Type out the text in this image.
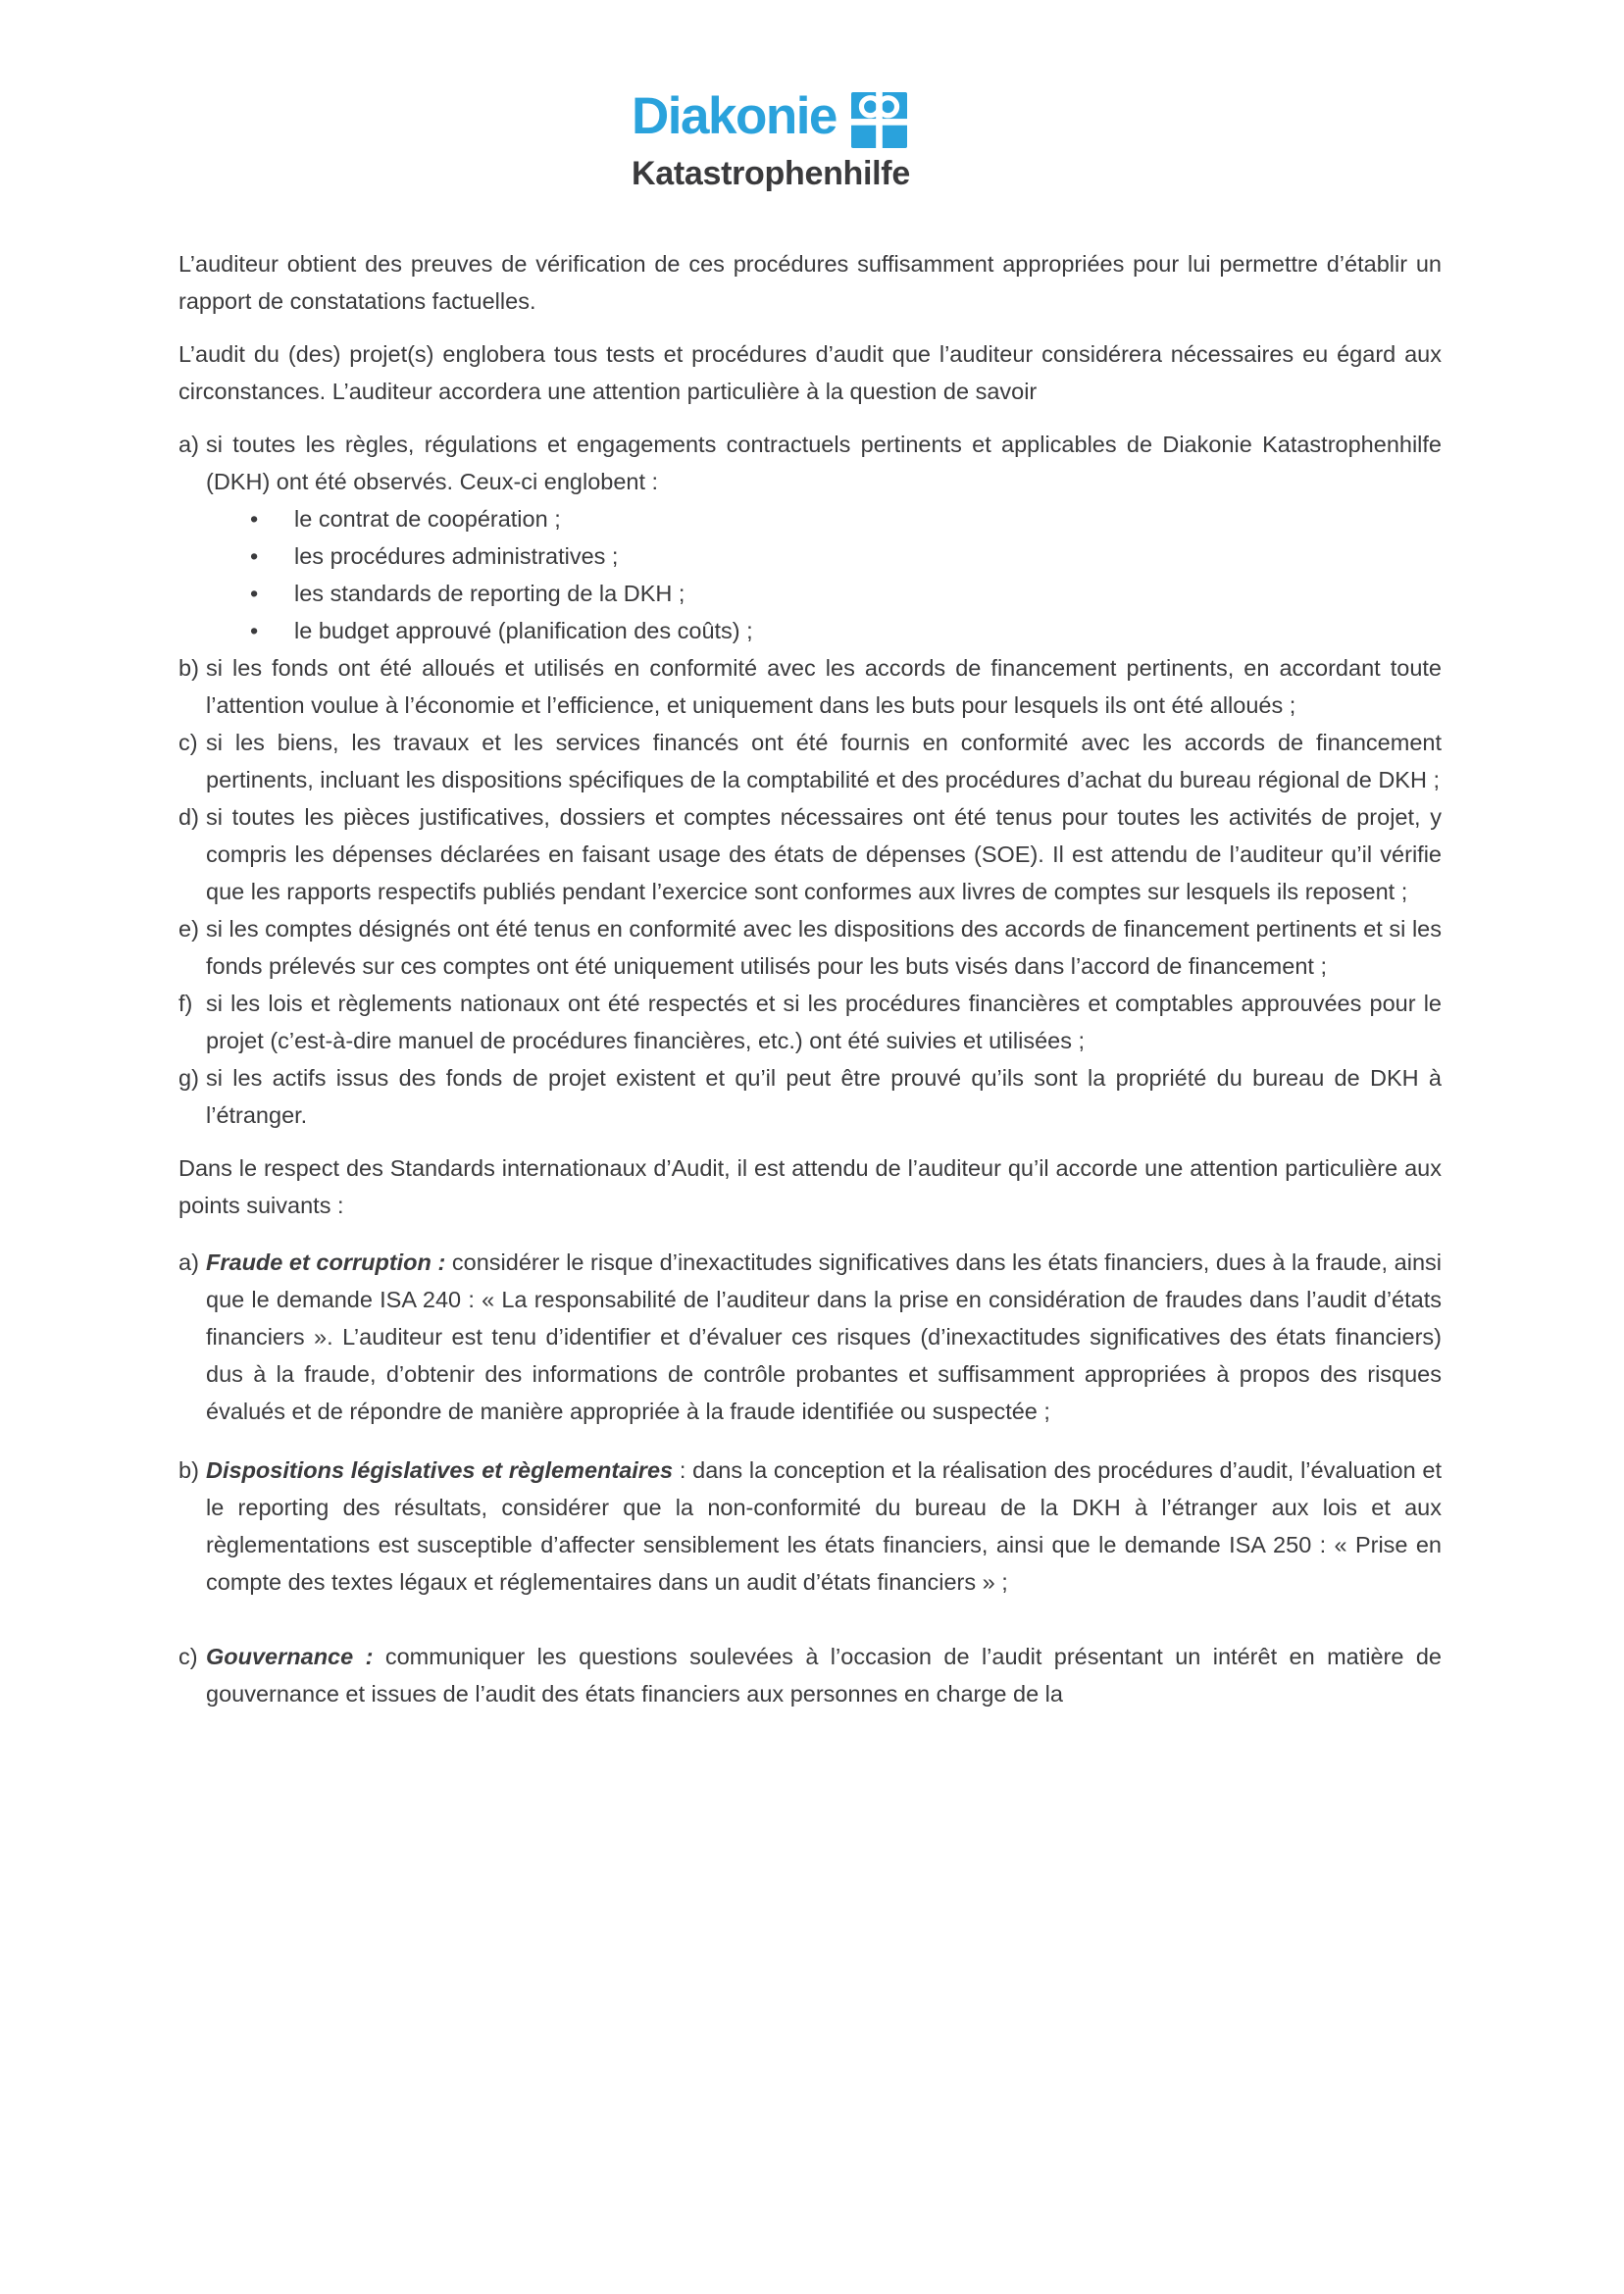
Diakonie
Katastrophenhilfe

L’auditeur obtient des preuves de vérification de ces procédures suffisamment appropriées pour lui permettre d’établir un rapport de constatations factuelles.

L’audit du (des) projet(s) englobera tous tests et procédures d’audit que l’auditeur considérera nécessaires eu égard aux circonstances. L’auditeur accordera une attention particulière à la question de savoir

a) si toutes les règles, régulations et engagements contractuels pertinents et applicables de Diakonie Katastrophenhilfe (DKH) ont été observés. Ceux-ci englobent :
•	le contrat de coopération ;
•	les procédures administratives ;
•	les standards de reporting de la DKH ;
•	le budget approuvé (planification des coûts) ;
b) si les fonds ont été alloués et utilisés en conformité avec les accords de financement pertinents, en accordant toute l’attention voulue à l’économie et l’efficience, et uniquement dans les buts pour lesquels ils ont été alloués ;
c) si les biens, les travaux et les services financés ont été fournis en conformité avec les accords de financement pertinents, incluant les dispositions spécifiques de la comptabilité et des procédures d’achat du bureau régional de DKH ;
d) si toutes les pièces justificatives, dossiers et comptes nécessaires ont été tenus pour toutes les activités de projet, y compris les dépenses déclarées en faisant usage des états de dépenses (SOE). Il est attendu de l’auditeur qu’il vérifie que les rapports respectifs publiés pendant l’exercice sont conformes aux livres de comptes sur lesquels ils reposent ;
e) si les comptes désignés ont été tenus en conformité avec les dispositions des accords de financement pertinents et si les fonds prélevés sur ces comptes ont été uniquement utilisés pour les buts visés dans l’accord de financement ;
f) si les lois et règlements nationaux ont été respectés et si les procédures financières et comptables approuvées pour le projet (c’est-à-dire manuel de procédures financières, etc.) ont été suivies et utilisées ;
g) si les actifs issus des fonds de projet existent et qu’il peut être prouvé qu’ils sont la propriété du bureau de DKH à l’étranger.

Dans le respect des Standards internationaux d’Audit, il est attendu de l’auditeur qu’il accorde une attention particulière aux points suivants :

a) Fraude et corruption : considérer le risque d’inexactitudes significatives dans les états financiers, dues à la fraude, ainsi que le demande ISA 240 : « La responsabilité de l’auditeur dans la prise en considération de fraudes dans l’audit d’états financiers ». L’auditeur est tenu d’identifier et d’évaluer ces risques (d’inexactitudes significatives des états financiers) dus à la fraude, d’obtenir des informations de contrôle probantes et suffisamment appropriées à propos des risques évalués et de répondre de manière appropriée à la fraude identifiée ou suspectée ;
b) Dispositions législatives et règlementaires : dans la conception et la réalisation des procédures d’audit, l’évaluation et le reporting des résultats, considérer que la non-conformité du bureau de la DKH à l’étranger aux lois et aux règlementations est susceptible d’affecter sensiblement les états financiers, ainsi que le demande ISA 250 : « Prise en compte des textes légaux et réglementaires dans un audit d’états financiers » ;
c) Gouvernance : communiquer les questions soulevées à l’occasion de l’audit présentant un intérêt en matière de gouvernance et issues de l’audit des états financiers aux personnes en charge de la
